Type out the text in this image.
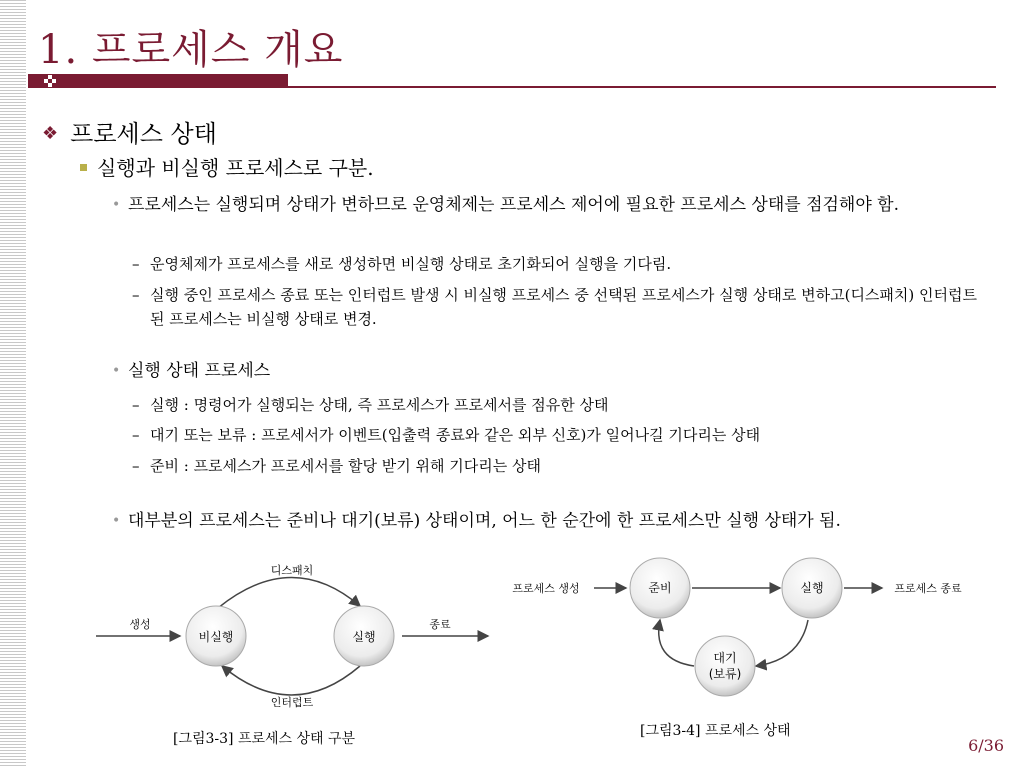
1. 프로세스 개요
❖ 프로세스 상태
실행과 비실행 프로세스로 구분.
• 프로세스는 실행되며 상태가 변하므로 운영체제는 프로세스 제어에 필요한 프로세스 상태를 점검해야 함.
– 운영체제가 프로세스를 새로 생성하면 비실행 상태로 초기화되어 실행을 기다림.
– 실행 중인 프로세스 종료 또는 인터럽트 발생 시 비실행 프로세스 중 선택된 프로세스가 실행 상태로 변하고(디스패치) 인터럽트 된 프로세스는 비실행 상태로 변경.
• 실행 상태 프로세스
– 실행 : 명령어가 실행되는 상태, 즉 프로세스가 프로세서를 점유한 상태
– 대기 또는 보류 : 프로세서가 이벤트(입출력 종료와 같은 외부 신호)가 일어나길 기다리는 상태
– 준비 : 프로세스가 프로세서를 할당 받기 위해 기다리는 상태
• 대부분의 프로세스는 준비나 대기(보류) 상태이며, 어느 한 순간에 한 프로세스만 실행 상태가 됨.
비실행	실행
생성	종료
디스패치
인터럽트
[그림3-3] 프로세스 상태 구분
준비	실행
대기
(보류)
프로세스 생성	프로세스 종료
[그림3-4] 프로세스 상태
6/36
